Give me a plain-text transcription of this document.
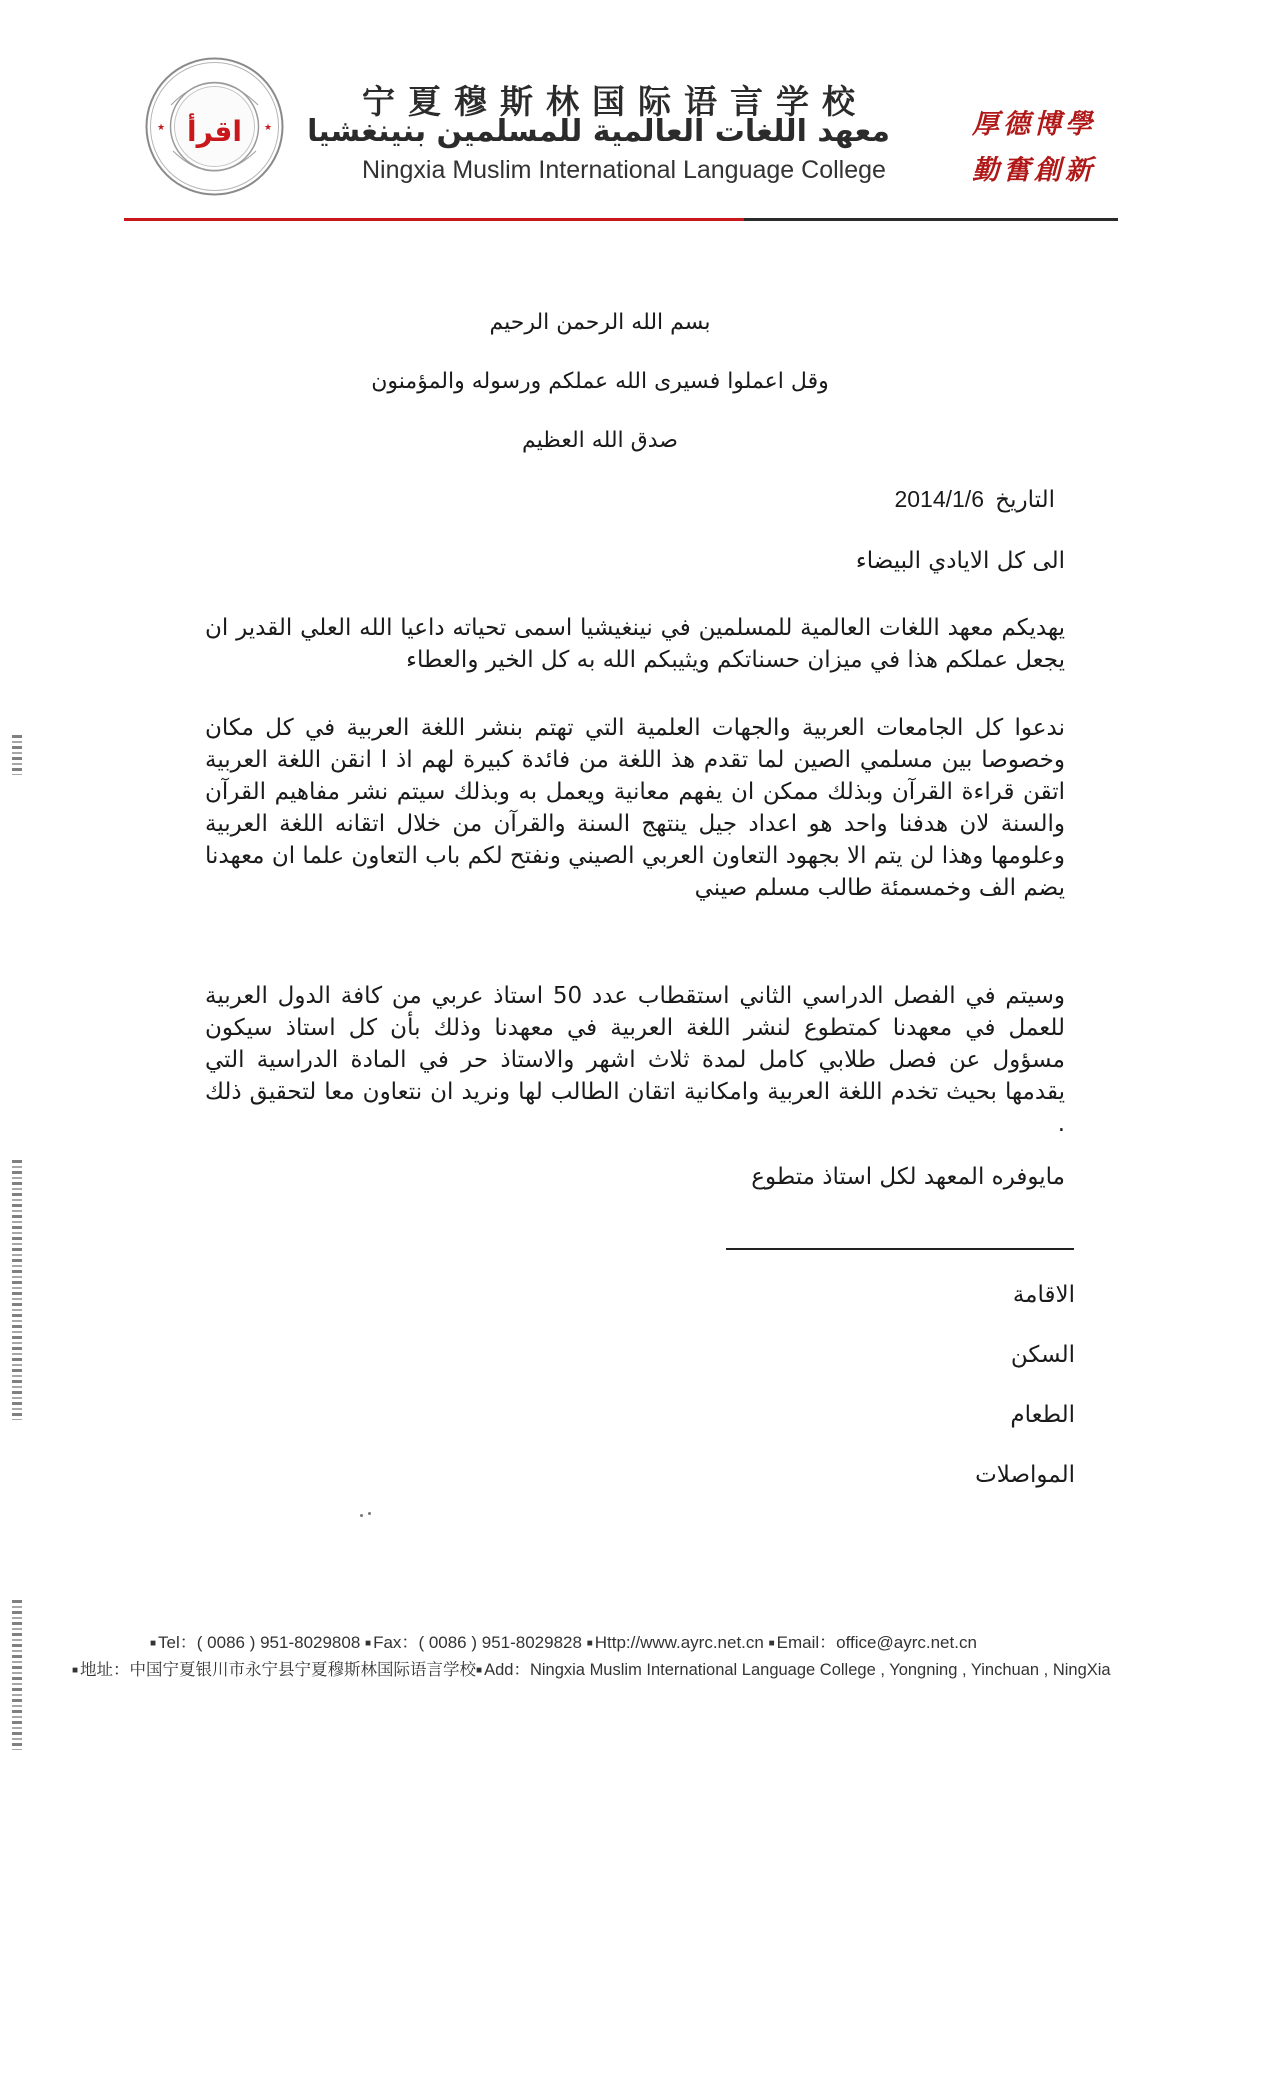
★	★
اقرأ
宁夏穆斯林国际语言学校
معهد اللغات العالمية للمسلمين بنينغشيا
Ningxia Muslim International Language College
厚德博學
勤奮創新
بسم الله الرحمن الرحيم
وقل اعملوا فسيرى الله عملكم ورسوله والمؤمنون
صدق الله العظيم
التاريخ 2014/1/6
الى كل الايادي البيضاء
يهديكم معهد اللغات العالمية للمسلمين في نينغيشيا اسمى تحياته داعيا الله العلي القدير ان يجعل عملكم هذا في ميزان حسناتكم ويثيبكم الله به كل الخير والعطاء
ندعوا كل الجامعات العربية والجهات العلمية التي تهتم بنشر اللغة العربية في كل مكان وخصوصا بين مسلمي الصين لما تقدم هذ اللغة من فائدة كبيرة لهم اذ ا انقن اللغة العربية اتقن قراءة القرآن وبذلك ممكن ان يفهم معانية ويعمل به وبذلك سيتم نشر مفاهيم القرآن والسنة لان هدفنا واحد هو اعداد جيل ينتهج السنة والقرآن من خلال اتقانه اللغة العربية وعلومها وهذا لن يتم الا بجهود التعاون العربي الصيني ونفتح لكم باب التعاون علما ان معهدنا يضم الف وخمسمئة طالب مسلم صيني
وسيتم في الفصل الدراسي الثاني استقطاب عدد 50 استاذ عربي من كافة الدول العربية للعمل في معهدنا كمتطوع لنشر اللغة العربية في معهدنا وذلك بأن كل استاذ سيكون مسؤول عن فصل طلابي كامل لمدة ثلاث اشهر والاستاذ حر في المادة الدراسية التي يقدمها بحيث تخدم اللغة العربية وامكانية اتقان الطالب لها ونريد ان نتعاون معا لتحقيق ذلك .
مايوفره المعهد لكل استاذ متطوع
الاقامة
السكن
الطعام
المواصلات
■ Tel：( 0086 ) 951-8029808 ■ Fax：( 0086 ) 951-8029828 ■ Http://www.ayrc.net.cn ■ Email：office@ayrc.net.cn
■ 地址：中国宁夏银川市永宁县宁夏穆斯林国际语言学校■ Add：Ningxia Muslim International Language College , Yongning , Yinchuan , NingXia
